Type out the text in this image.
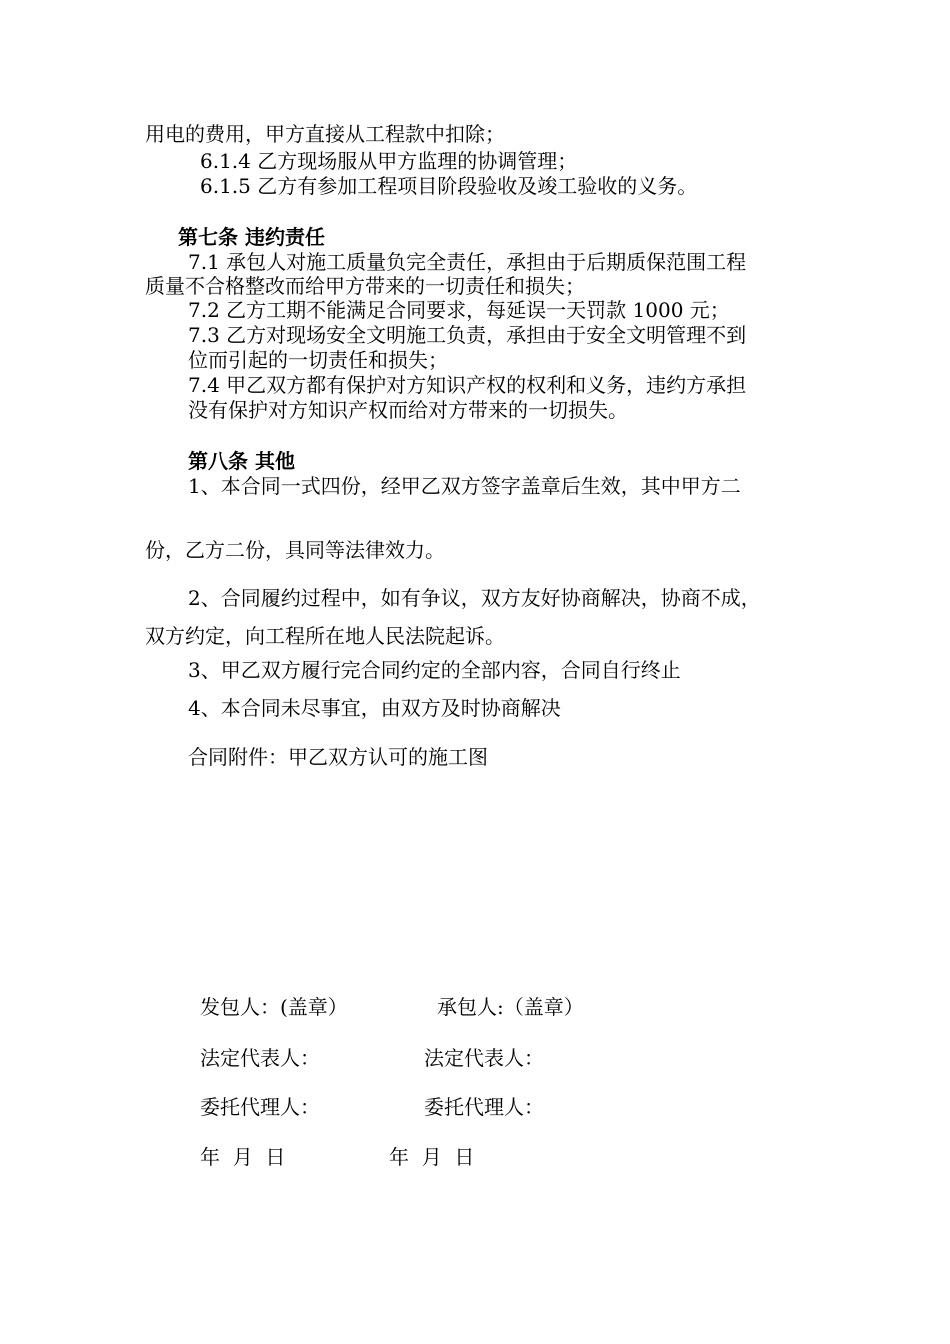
用电的费用，甲方直接从工程款中扣除；
6.1.4 乙方现场服从甲方监理的协调管理；
6.1.5 乙方有参加工程项目阶段验收及竣工验收的义务。
第七条 违约责任
7.1 承包人对施工质量负完全责任，承担由于后期质保范围工程
质量不合格整改而给甲方带来的一切责任和损失；
7.2 乙方工期不能满足合同要求，每延误一天罚款 1000 元；
7.3 乙方对现场安全文明施工负责，承担由于安全文明管理不到
位而引起的一切责任和损失；
7.4 甲乙双方都有保护对方知识产权的权利和义务，违约方承担
没有保护对方知识产权而给对方带来的一切损失。
第八条 其他
1、本合同一式四份，经甲乙双方签字盖章后生效，其中甲方二
份，乙方二份，具同等法律效力。
2、合同履约过程中，如有争议，双方友好协商解决，协商不成，
双方约定，向工程所在地人民法院起诉。
3、甲乙双方履行完合同约定的全部内容，合同自行终止
4、本合同未尽事宜，由双方及时协商解决
合同附件：甲乙双方认可的施工图
发包人：(盖章）	承包人:（盖章）
法定代表人：	法定代表人：
委托代理人：	委托代理人：
年  月  日	年  月  日
